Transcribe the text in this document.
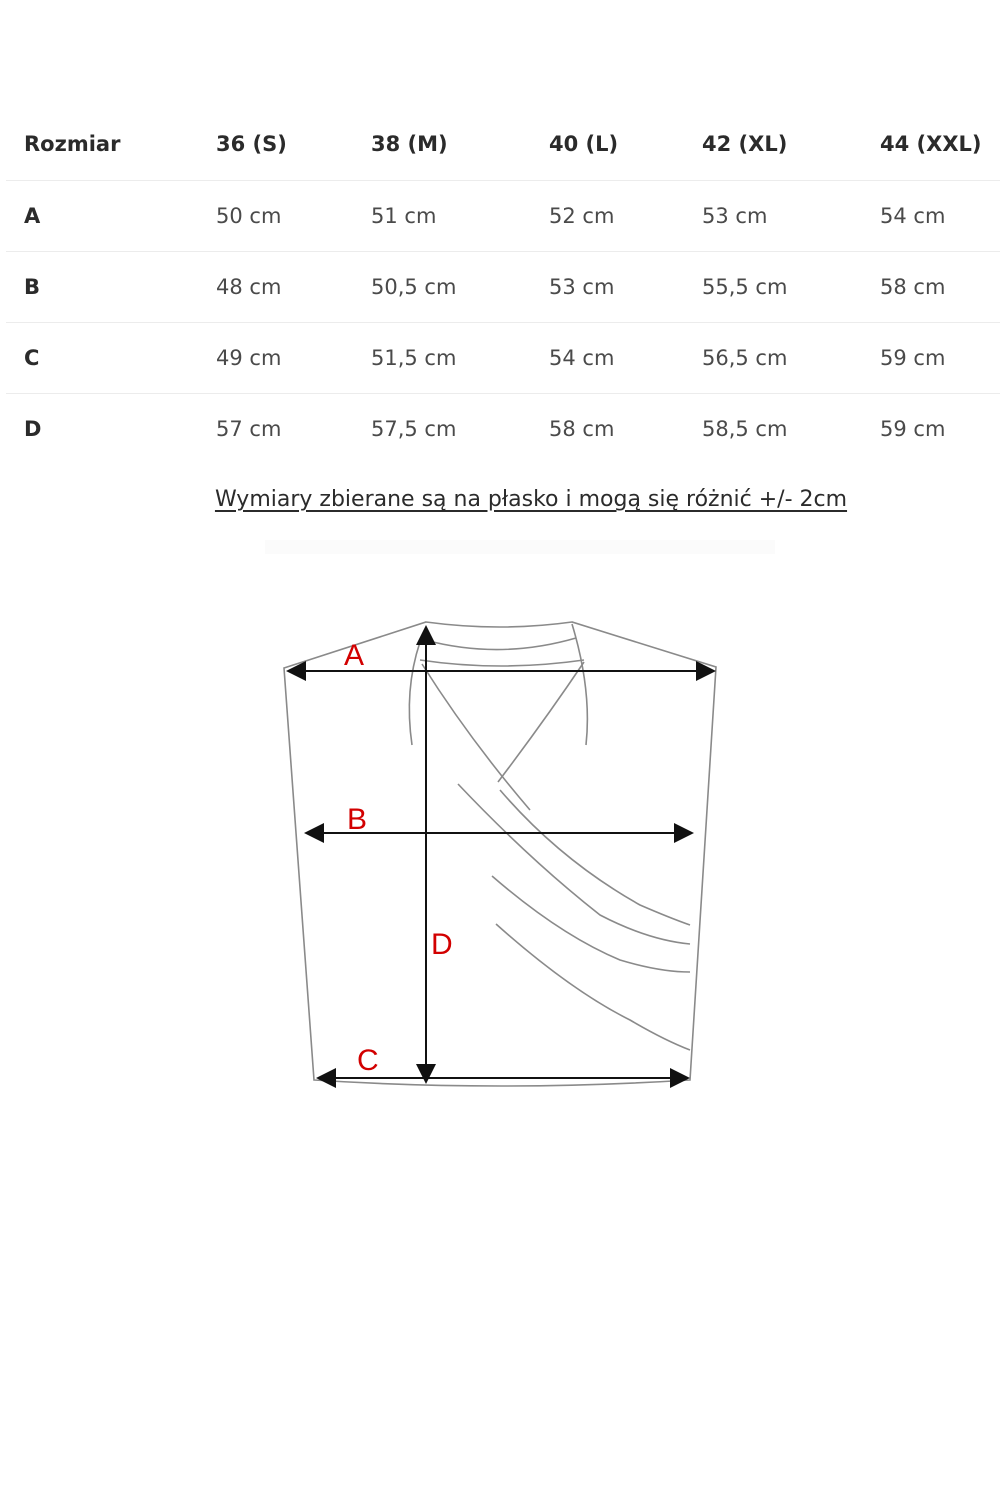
Rozmiar	36 (S)	38 (M)	40 (L)	42 (XL)	44 (XXL)
A	50 cm	51 cm	52 cm	53 cm	54 cm
B	48 cm	50,5 cm	53 cm	55,5 cm	58 cm
C	49 cm	51,5 cm	54 cm	56,5 cm	59 cm
D	57 cm	57,5 cm	58 cm	58,5 cm	59 cm
Wymiary zbierane są na płasko i mogą się różnić +/- 2cm
A
B
D
C
